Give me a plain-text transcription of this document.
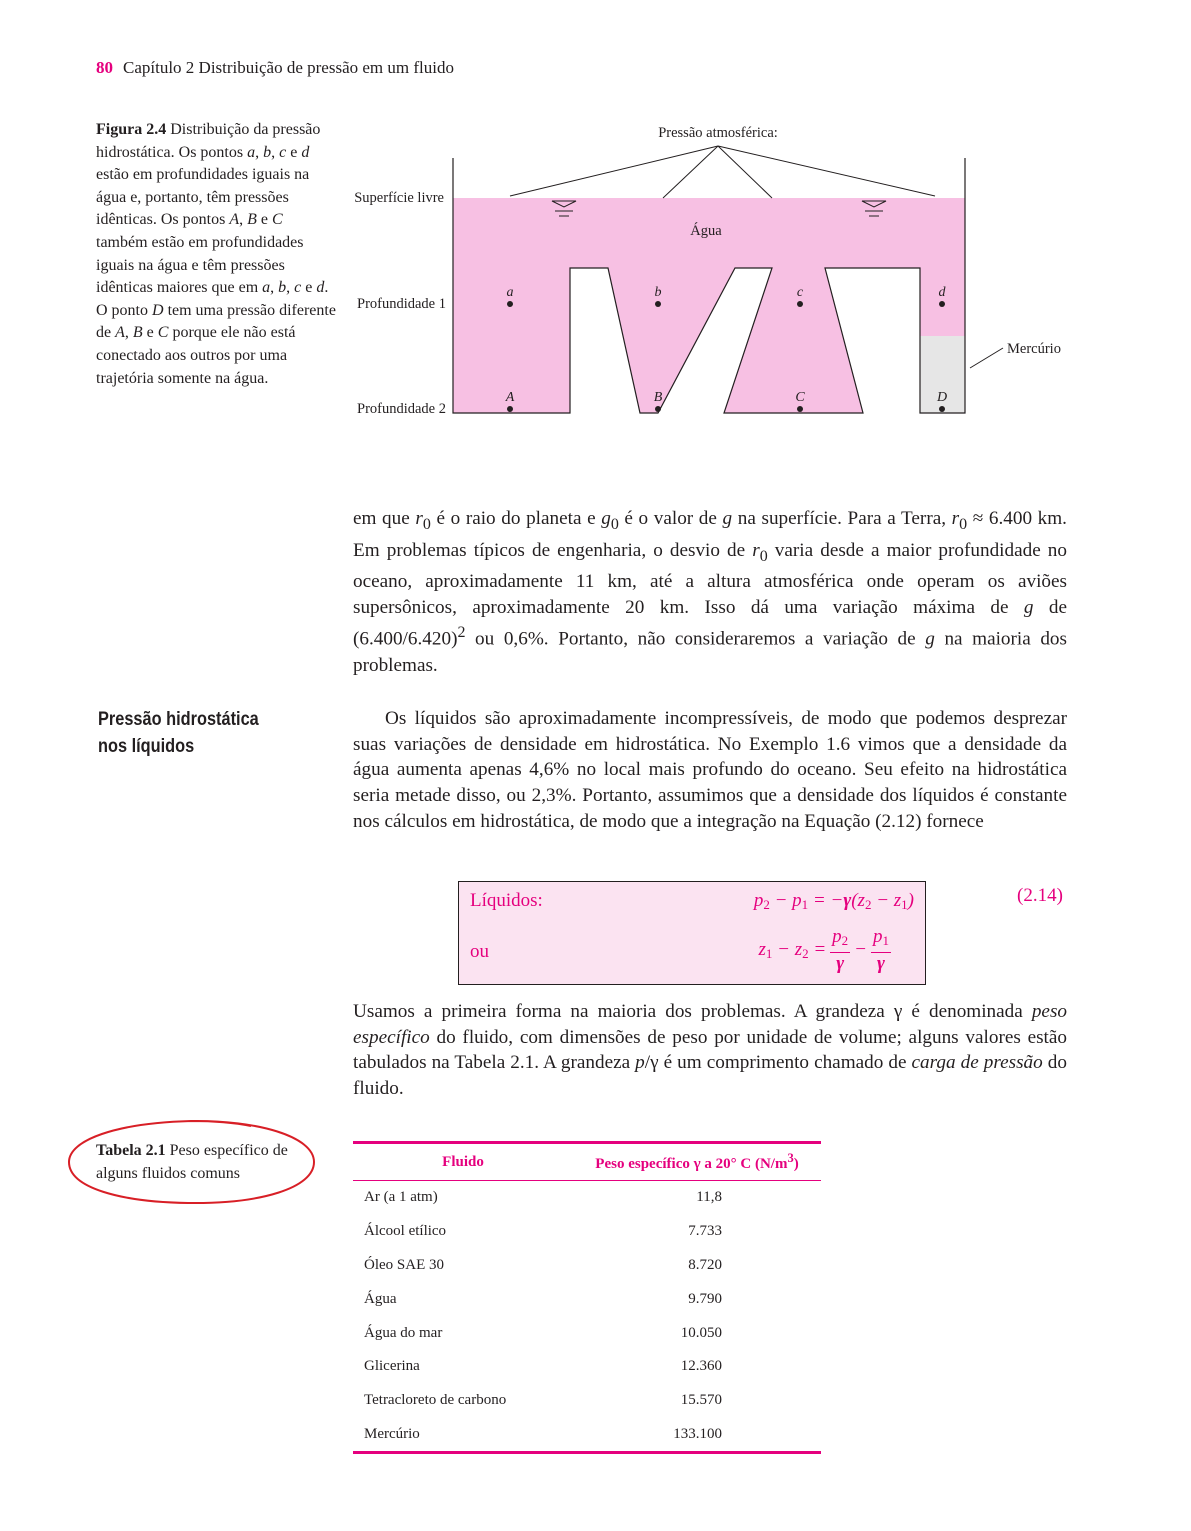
80 Capítulo 2 Distribuição de pressão em um fluido
Figura 2.4 Distribuição da pressão hidrostática. Os pontos a, b, c e d estão em profundidades iguais na água e, portanto, têm pressões idênticas. Os pontos A, B e C também estão em profundidades iguais na água e têm pressões idênticas maiores que em a, b, c e d. O ponto D tem uma pressão diferente de A, B e C porque ele não está conectado aos outros por uma trajetória somente na água.
Pressão atmosférica:
Superfície livre
Água
Profundidade 1
Profundidade 2
Mercúrio
a	b	c	d
A	B	C	D
em que $r_0$ é o raio do planeta e $g_0$ é o valor de g na superfície. Para a Terra, $r_0 \approx 6.400$ km. Em problemas típicos de engenharia, o desvio de $r_0$ varia desde a maior profundidade no oceano, aproximadamente 11 km, até a altura atmosférica onde operam os aviões supersônicos, aproximadamente 20 km. Isso dá uma variação máxima de g de $(6.400/6.420)^2$ ou 0,6%. Portanto, não consideraremos a variação de g na maioria dos problemas.
Pressão hidrostática nos líquidos
Os líquidos são aproximadamente incompressíveis, de modo que podemos desprezar suas variações de densidade em hidrostática. No Exemplo 1.6 vimos que a densidade da água aumenta apenas 4,6% no local mais profundo do oceano. Seu efeito na hidrostática seria metade disso, ou 2,3%. Portanto, assumimos que a densidade dos líquidos é constante nos cálculos em hidrostática, de modo que a integração na Equação (2.12) fornece
Líquidos:	$p_2 - p_1 = -\gamma(z_2 - z_1)$
ou	$z_1 - z_2 = \frac{p_2}{\gamma} - \frac{p_1}{\gamma}$
(2.14)
Usamos a primeira forma na maioria dos problemas. A grandeza γ é denominada peso específico do fluido, com dimensões de peso por unidade de volume; alguns valores estão tabulados na Tabela 2.1. A grandeza p/γ é um comprimento chamado de carga de pressão do fluido.
Tabela 2.1 Peso específico de alguns fluidos comuns
Fluido	Peso específico γ a 20° C $(N/m^3)$
Ar (a 1 atm)	11,8
Álcool etílico	7.733
Óleo SAE 30	8.720
Água	9.790
Água do mar	10.050
Glicerina	12.360
Tetracloreto de carbono	15.570
Mercúrio	133.100
